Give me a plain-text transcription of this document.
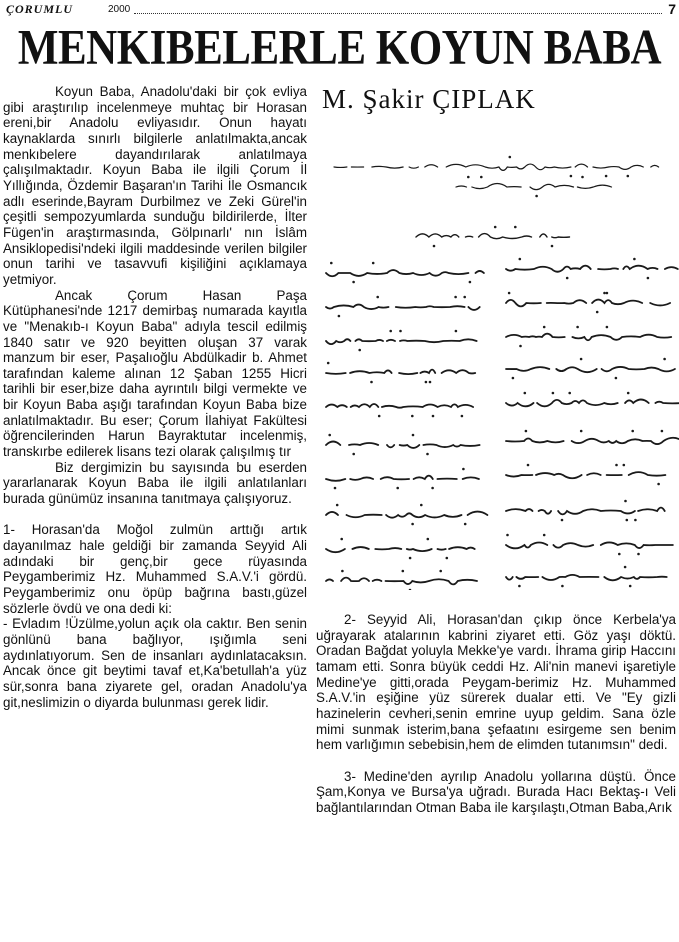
ÇORUMLU	2000	7
MENKIBELERLE KOYUN BABA

Koyun Baba, Anadolu'daki bir çok evliya gibi araştırılıp incelenmeye muhtaç bir Horasan ereni,bir Anadolu evliyasıdır. Onun hayatı kaynaklarda sınırlı bilgilerle anlatılmakta,ancak menkıbelere dayandırılarak anlatılmaya çalışılmaktadır. Koyun Baba ile ilgili Çorum İl Yıllığında, Özdemir Başaran'ın Tarihi İle Osmancık adlı eserinde,Bayram Durbilmez ve Zeki Gürel'in çeşitli sempozyumlarda sunduğu bildirilerde, İlter Fügen'in araştırmasında, Gölpınarlı' nın İslâm Ansiklopedisi'ndeki ilgili maddesinde verilen bilgiler onun tarihi ve tasavvufi kişiliğini açıklamaya yetmiyor.

Ancak Çorum Hasan Paşa Kütüphanesi'nde 1217 demirbaş numarada kayıtla ve "Menakıb-ı Koyun Baba" adıyla tescil edilmiş 1840 satır ve 920 beyitten oluşan 37 varak manzum bir eser, Paşalıoğlu Abdülkadir b. Ahmet tarafından kaleme alınan 12 Şaban 1255 Hicri tarihli bir eser,bize daha ayrıntılı bilgi vermekte ve bir Koyun Baba aşığı tarafından Koyun Baba bize anlatılmaktadır. Bu eser; Çorum İlahiyat Fakültesi öğrencilerinden Harun Bayraktutar incelenmiş, transkırbe edilerek lisans tezi olarak çalışılmış tır

Biz dergimizin bu sayısında bu eserden yararlanarak Koyun Baba ile ilgili anlatılanları burada günümüz insanına tanıtmaya çalışıyoruz.

1- Horasan'da Moğol zulmün arttığı artık dayanılmaz hale geldiği bir zamanda Seyyid Ali adındaki bir genç,bir gece rüyasında Peygamberimiz Hz. Muhammed S.A.V.'i gördü. Peygamberimiz onu öpüp bağrına bastı,güzel sözlerle övdü ve ona dedi ki:

- Evladım !Üzülme,yolun açık ola caktır. Ben senin gönlünü bana bağlıyor, ışığımla seni aydınlatıyorum. Sen de insanları aydınlatacaksın. Ancak önce git beytimi tavaf et,Ka'betullah'a yüz sür,sonra bana ziyarete gel, oradan Anadolu'ya git,neslimizin o diyarda bulunması gerek lidir.

M. Şakir ÇIPLAK

2- Seyyid Ali, Horasan'dan çıkıp önce Kerbela'ya uğrayarak atalarının kabrini ziyaret etti. Göz yaşı döktü. Oradan Bağdat yoluyla Mekke'ye vardı. İhrama girip Haccını tamam etti. Sonra büyük ceddi Hz. Ali'nin manevi işaretiyle Medine'ye gitti,orada Peygam-berimiz Hz. Muhammed S.A.V.'in eşiğine yüz sürerek dualar etti. Ve "Ey gizli hazinelerin cevheri,senin emrine uyup geldim. Sana özle mimi sunmak isterim,bana şefaatını esirgeme sen benim hem varlığımın sebebisin,hem de elimden tutanımsın" dedi.

3- Medine'den ayrılıp Anadolu yollarına düştü. Önce Şam,Konya ve Bursa'ya uğradı. Burada Hacı Bektaş-ı Veli bağlantılarından Otman Baba ile karşılaştı,Otman Baba,Arık
